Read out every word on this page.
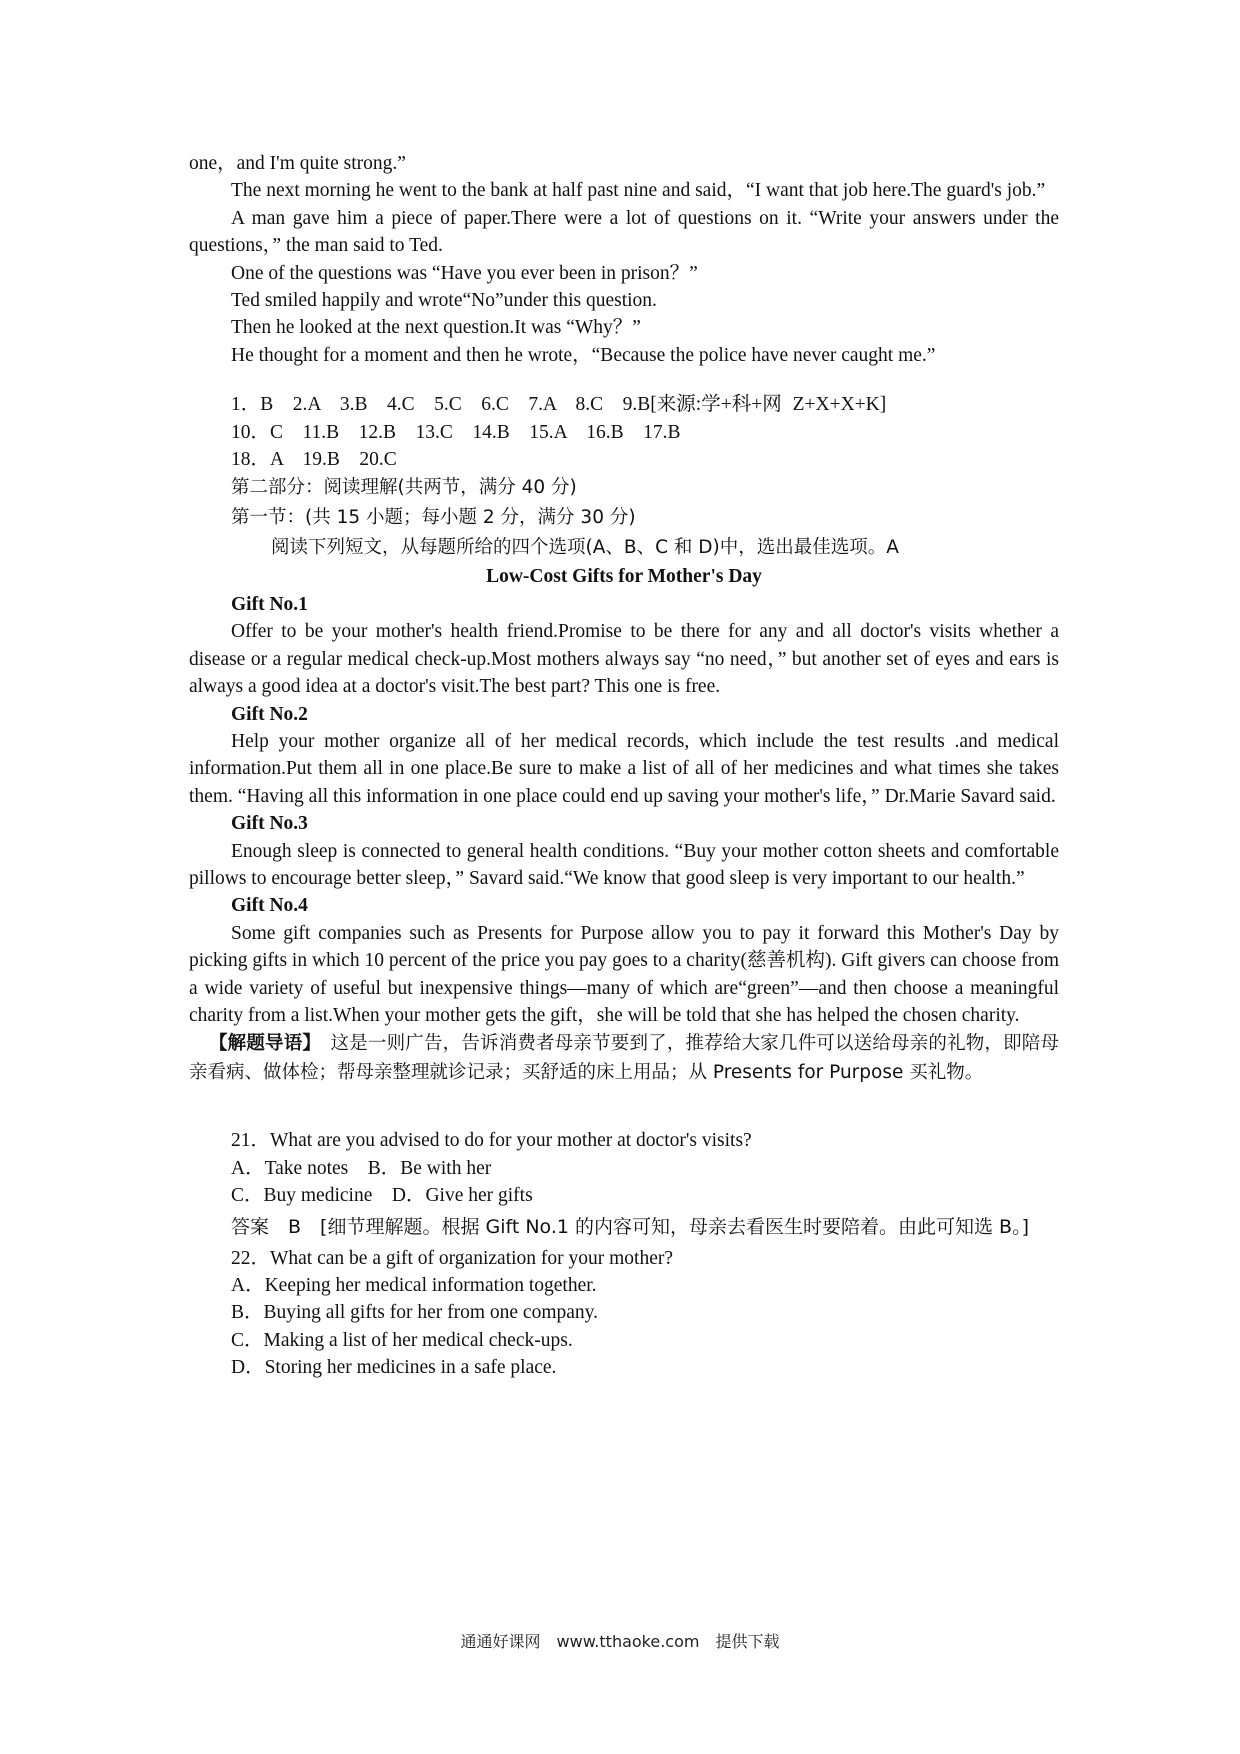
one，and I'm quite strong.”

The next morning he went to the bank at half past nine and said，“I want that job here.The guard's job.”

A man gave him a piece of paper.There were a lot of questions on it. “Write your answers under the questions，” the man said to Ted.

One of the questions was “Have you ever been in prison？”

Ted smiled happily and wrote“No”under this question.

Then he looked at the next question.It was “Why？”

He thought for a moment and then he wrote，“Because the police have never caught me.”

1．B　2.A　3.B　4.C　5.C　6.C　7.A　8.C　9.B[来源:学+科+网 Z+X+X+K]

10．C　11.B　12.B　13.C　14.B　15.A　16.B　17.B

18．A　19.B　20.C

第二部分：阅读理解(共两节，满分 40 分)

第一节：(共 15 小题；每小题 2 分，满分 30 分)

阅读下列短文，从每题所给的四个选项(A、B、C 和 D)中，选出最佳选项。A

Low-Cost Gifts for Mother's Day

Gift No.1

Offer to be your mother's health friend.Promise to be there for any and all doctor's visits whether a disease or a regular medical check-up.Most mothers always say “no need，” but another set of eyes and ears is always a good idea at a doctor's visit.The best part? This one is free.

Gift No.2

Help your mother organize all of her medical records, which include the test results .and medical information.Put them all in one place.Be sure to make a list of all of her medicines and what times she takes them. “Having all this information in one place could end up saving your mother's life，” Dr.Marie Savard said.

Gift No.3

Enough sleep is connected to general health conditions. “Buy your mother cotton sheets and comfortable pillows to encourage better sleep，” Savard said.“We know that good sleep is very important to our health.”

Gift No.4

Some gift companies such as Presents for Purpose allow you to pay it forward this Mother's Day by picking gifts in which 10 percent of the price you pay goes to a charity(慈善机构). Gift givers can choose from a wide variety of useful but inexpensive things—many of which are“green”—and then choose a meaningful charity from a list.When your mother gets the gift，she will be told that she has helped the chosen charity.

【解题导语】　 这是一则广告，告诉消费者母亲节要到了，推荐给大家几件可以送给母亲的礼物，即陪母亲看病、做体检；帮母亲整理就诊记录；买舒适的床上用品；从 Presents for Purpose 买礼物。

21．What are you advised to do for your mother at doctor's visits?

A．Take notes　B．Be with her

C．Buy medicine　D．Give her gifts

答案　B　[细节理解题。根据 Gift No.1 的内容可知，母亲去看医生时要陪着。由此可知选 B。]

22．What can be a gift of organization for your mother?

A．Keeping her medical information together.

B．Buying all gifts for her from one company.

C．Making a list of her medical check-ups.

D．Storing her medicines in a safe place.

通通好课网　www.tthaoke.com　提供下载
